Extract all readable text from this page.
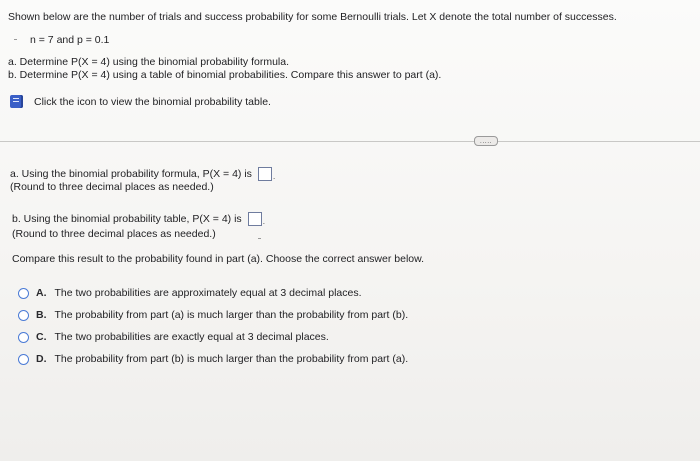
Shown below are the number of trials and success probability for some Bernoulli trials. Let X denote the total number of successes.
n = 7 and p = 0.1
a. Determine P(X = 4) using the binomial probability formula.
b. Determine P(X = 4) using a table of binomial probabilities. Compare this answer to part (a).
Click the icon to view the binomial probability table.
.....
a. Using the binomial probability formula, P(X = 4) is .
(Round to three decimal places as needed.)
b. Using the binomial probability table, P(X = 4) is .
(Round to three decimal places as needed.)
Compare this result to the probability found in part (a). Choose the correct answer below.
A. The two probabilities are approximately equal at 3 decimal places.
B. The probability from part (a) is much larger than the probability from part (b).
C. The two probabilities are exactly equal at 3 decimal places.
D. The probability from part (b) is much larger than the probability from part (a).
